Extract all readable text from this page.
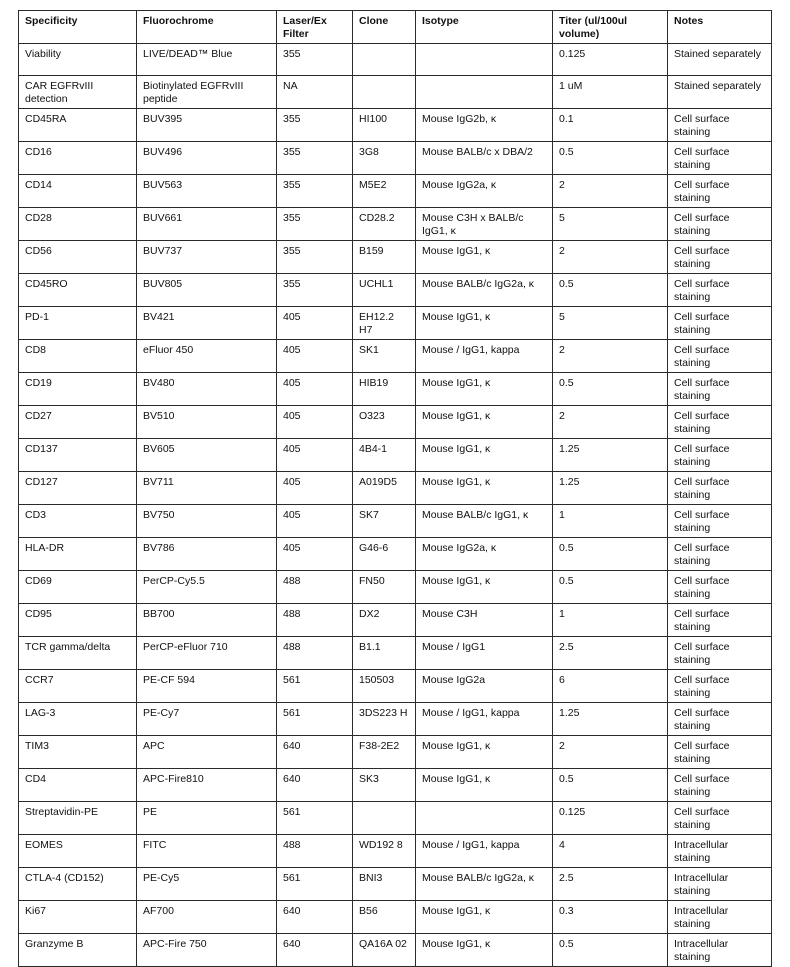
Specificity	Fluorochrome	Laser/Ex Filter	Clone	Isotype	Titer (ul/100ul volume)	Notes
Viability	LIVE/DEAD™ Blue	355			0.125	Stained separately
CAR EGFRvIII detection	Biotinylated EGFRvIII peptide	NA			1 uM	Stained separately
CD45RA	BUV395	355	HI100	Mouse IgG2b, κ	0.1	Cell surface staining
CD16	BUV496	355	3G8	Mouse BALB/c x DBA/2	0.5	Cell surface staining
CD14	BUV563	355	M5E2	Mouse IgG2a, κ	2	Cell surface staining
CD28	BUV661	355	CD28.2	Mouse C3H x BALB/c IgG1, κ	5	Cell surface staining
CD56	BUV737	355	B159	Mouse IgG1, κ	2	Cell surface staining
CD45RO	BUV805	355	UCHL1	Mouse BALB/c IgG2a, κ	0.5	Cell surface staining
PD-1	BV421	405	EH12.2 H7	Mouse IgG1, κ	5	Cell surface staining
CD8	eFluor 450	405	SK1	Mouse / IgG1, kappa	2	Cell surface staining
CD19	BV480	405	HIB19	Mouse IgG1, κ	0.5	Cell surface staining
CD27	BV510	405	O323	Mouse IgG1, κ	2	Cell surface staining
CD137	BV605	405	4B4-1	Mouse IgG1, κ	1.25	Cell surface staining
CD127	BV711	405	A019D5	Mouse IgG1, κ	1.25	Cell surface staining
CD3	BV750	405	SK7	Mouse BALB/c IgG1, κ	1	Cell surface staining
HLA-DR	BV786	405	G46-6	Mouse IgG2a, κ	0.5	Cell surface staining
CD69	PerCP-Cy5.5	488	FN50	Mouse IgG1, κ	0.5	Cell surface staining
CD95	BB700	488	DX2	Mouse C3H	1	Cell surface staining
TCR gamma/delta	PerCP-eFluor 710	488	B1.1	Mouse / IgG1	2.5	Cell surface staining
CCR7	PE-CF 594	561	150503	Mouse IgG2a	6	Cell surface staining
LAG-3	PE-Cy7	561	3DS223 H	Mouse / IgG1, kappa	1.25	Cell surface staining
TIM3	APC	640	F38-2E2	Mouse IgG1, κ	2	Cell surface staining
CD4	APC-Fire810	640	SK3	Mouse IgG1, κ	0.5	Cell surface staining
Streptavidin-PE	PE	561			0.125	Cell surface staining
EOMES	FITC	488	WD192 8	Mouse / IgG1, kappa	4	Intracellular staining
CTLA-4 (CD152)	PE-Cy5	561	BNI3	Mouse BALB/c IgG2a, κ	2.5	Intracellular staining
Ki67	AF700	640	B56	Mouse IgG1, κ	0.3	Intracellular staining
Granzyme B	APC-Fire 750	640	QA16A 02	Mouse IgG1, κ	0.5	Intracellular staining
